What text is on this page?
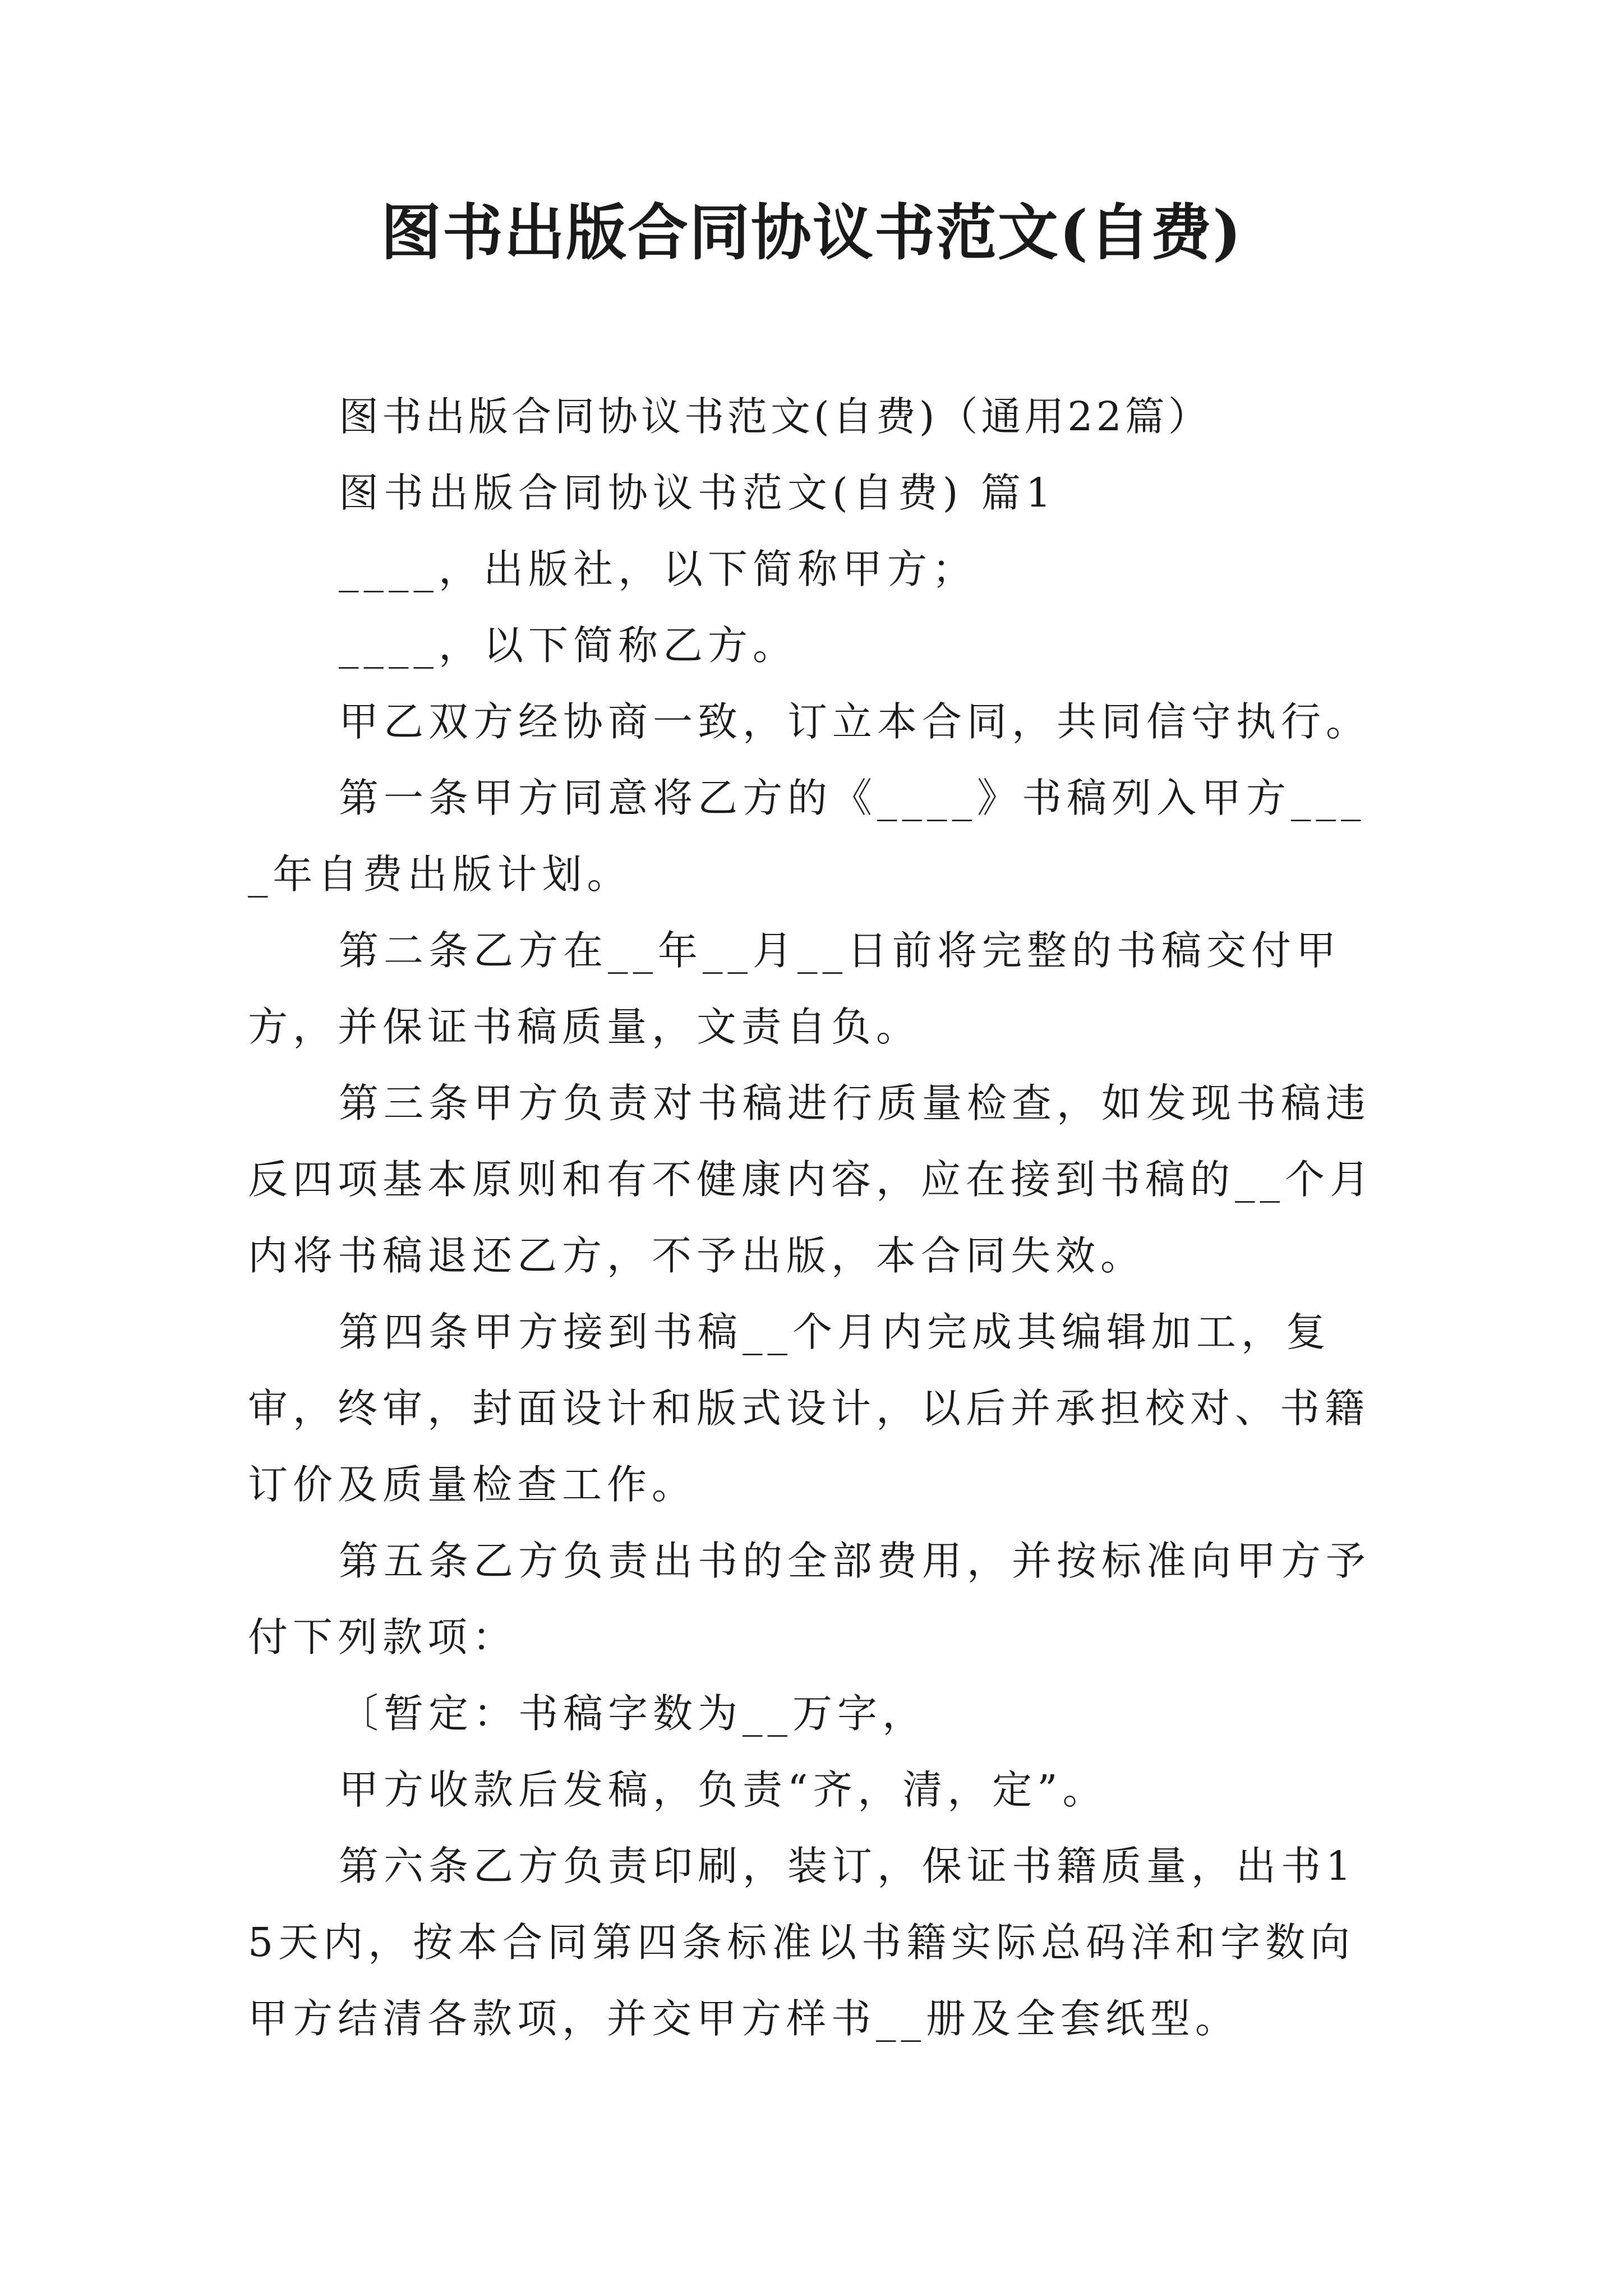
图书出版合同协议书范文(自费)

图书出版合同协议书范文(自费)（通用22篇）

图书出版合同协议书范文(自费) 篇1

____，出版社，以下简称甲方；

____，以下简称乙方。

甲乙双方经协商一致，订立本合同，共同信守执行。

第一条甲方同意将乙方的《____》书稿列入甲方____年自费出版计划。

第二条乙方在__年__月__日前将完整的书稿交付甲方，并保证书稿质量，文责自负。

第三条甲方负责对书稿进行质量检查，如发现书稿违反四项基本原则和有不健康内容，应在接到书稿的__个月内将书稿退还乙方，不予出版，本合同失效。

第四条甲方接到书稿__个月内完成其编辑加工，复审，终审，封面设计和版式设计，以后并承担校对、书籍订价及质量检查工作。

第五条乙方负责出书的全部费用，并按标准向甲方予付下列款项：

〔暂定：书稿字数为__万字，

甲方收款后发稿，负责“齐，清，定”。

第六条乙方负责印刷，装订，保证书籍质量，出书15天内，按本合同第四条标准以书籍实际总码洋和字数向甲方结清各款项，并交甲方样书__册及全套纸型。
